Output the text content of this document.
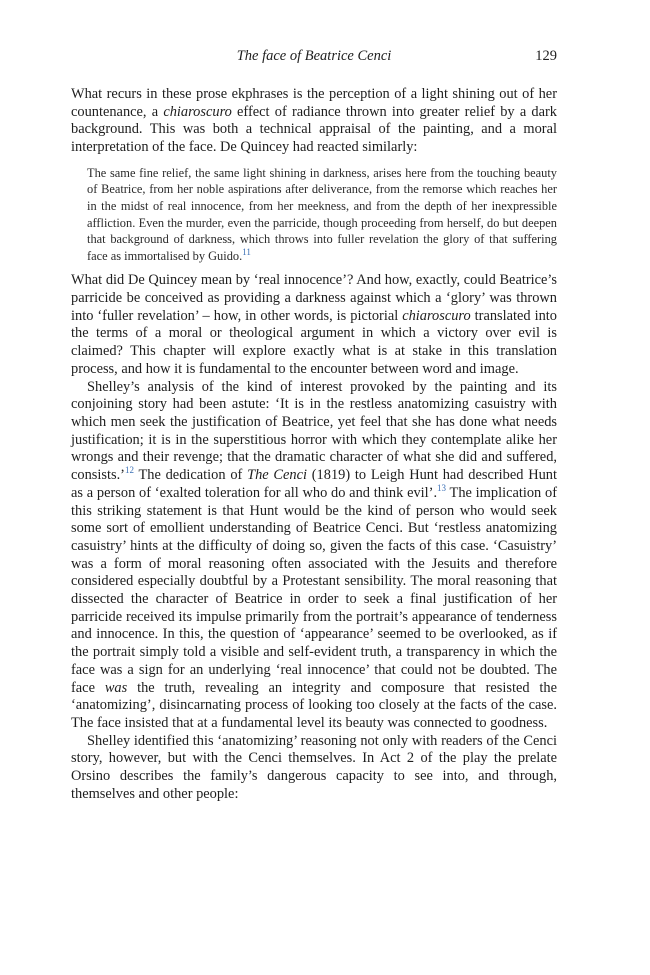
The face of Beatrice Cenci	129

What recurs in these prose ekphrases is the perception of a light shining out of her countenance, a chiaroscuro effect of radiance thrown into greater relief by a dark background. This was both a technical appraisal of the painting, and a moral interpretation of the face. De Quincey had reacted similarly:

The same fine relief, the same light shining in darkness, arises here from the touching beauty of Beatrice, from her noble aspirations after deliverance, from the remorse which reaches her in the midst of real innocence, from her meekness, and from the depth of her inexpressible affliction. Even the murder, even the parricide, though proceeding from herself, do but deepen that background of darkness, which throws into fuller revelation the glory of that suffering face as immortalised by Guido.$^{11}$

What did De Quincey mean by ‘real innocence’? And how, exactly, could Beatrice’s parricide be conceived as providing a darkness against which a ‘glory’ was thrown into ‘fuller revelation’ – how, in other words, is pictorial chiaroscuro translated into the terms of a moral or theological argument in which a victory over evil is claimed? This chapter will explore exactly what is at stake in this translation process, and how it is fundamental to the encounter between word and image.

Shelley’s analysis of the kind of interest provoked by the painting and its conjoining story had been astute: ‘It is in the restless anatomizing casuistry with which men seek the justification of Beatrice, yet feel that she has done what needs justification; it is in the superstitious horror with which they contemplate alike her wrongs and their revenge; that the dramatic character of what she did and suffered, consists.’$^{12}$ The dedication of The Cenci (1819) to Leigh Hunt had described Hunt as a person of ‘exalted toleration for all who do and think evil’.$^{13}$ The implication of this striking statement is that Hunt would be the kind of person who would seek some sort of emollient understanding of Beatrice Cenci. But ‘restless anatomizing casuistry’ hints at the difficulty of doing so, given the facts of this case. ‘Casuistry’ was a form of moral reasoning often associated with the Jesuits and therefore considered especially doubtful by a Protestant sensibility. The moral reasoning that dissected the character of Beatrice in order to seek a final justification of her parricide received its impulse primarily from the portrait’s appearance of tenderness and innocence. In this, the question of ‘appearance’ seemed to be overlooked, as if the portrait simply told a visible and self-evident truth, a transparency in which the face was a sign for an underlying ‘real innocence’ that could not be doubted. The face was the truth, revealing an integrity and composure that resisted the ‘anatomizing’, disincarnating process of looking too closely at the facts of the case. The face insisted that at a fundamental level its beauty was connected to goodness.

Shelley identified this ‘anatomizing’ reasoning not only with readers of the Cenci story, however, but with the Cenci themselves. In Act 2 of the play the prelate Orsino describes the family’s dangerous capacity to see into, and through, themselves and other people:
